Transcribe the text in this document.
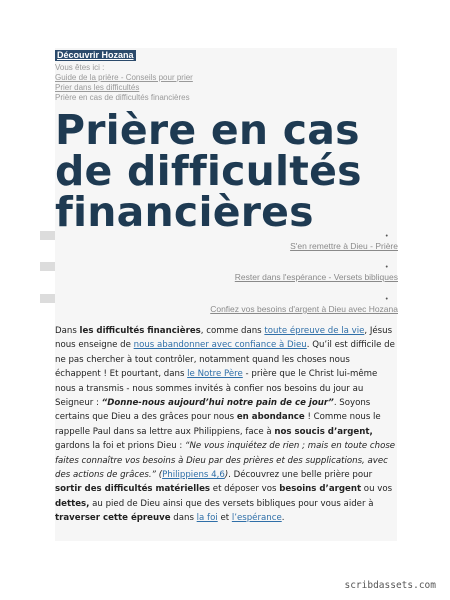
Découvrir Hozana
Vous êtes ici :
Guide de la prière - Conseils pour prier
Prier dans les difficultés
Prière en cas de difficultés financières
Prière en cas de difficultés financières
•
S'en remettre à Dieu - Prière
•
Rester dans l'espérance - Versets bibliques
•
Confiez vos besoins d'argent à Dieu avec Hozana

Dans les difficultés financières, comme dans toute épreuve de la vie, Jésus nous enseigne de nous abandonner avec confiance à Dieu. Qu’il est difficile de ne pas chercher à tout contrôler, notamment quand les choses nous échappent ! Et pourtant, dans le Notre Père - prière que le Christ lui-même nous a transmis - nous sommes invités à confier nos besoins du jour au Seigneur : “Donne-nous aujourd’hui notre pain de ce jour”. Soyons certains que Dieu a des grâces pour nous en abondance ! Comme nous le rappelle Paul dans sa lettre aux Philippiens, face à nos soucis d’argent, gardons la foi et prions Dieu : “Ne vous inquiétez de rien ; mais en toute chose faites connaître vos besoins à Dieu par des prières et des supplications, avec des actions de grâces.” (Philippiens 4,6). Découvrez une belle prière pour sortir des difficultés matérielles et déposer vos besoins d’argent ou vos dettes, au pied de Dieu ainsi que des versets bibliques pour vous aider à traverser cette épreuve dans la foi et l’espérance.

scribdassets.com
